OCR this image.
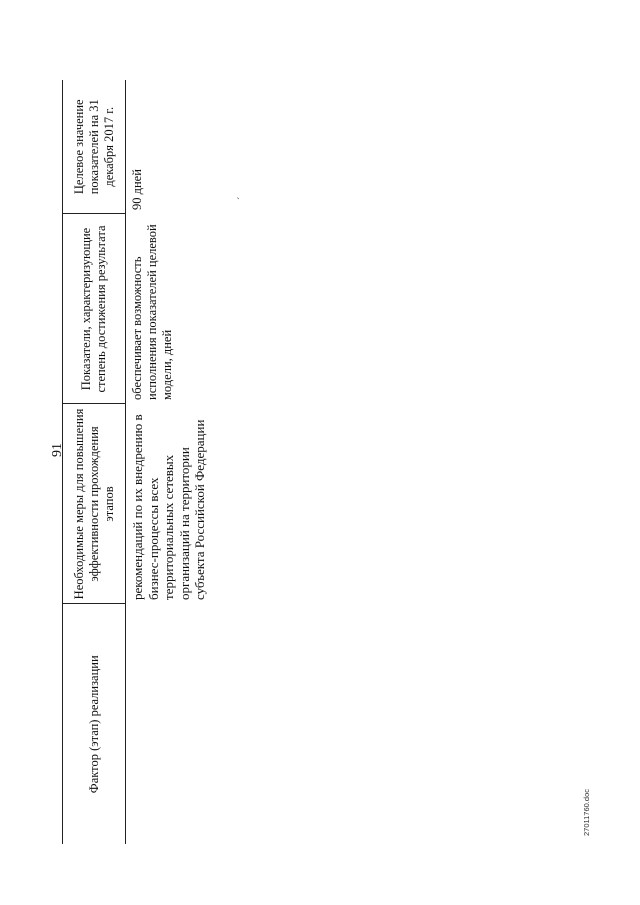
91
Фактор (этап) реализации	Необходимые меры для повышения эффективности прохождения этапов	Показатели, характеризующие степень достижения результата	Целевое значение показателей на 31 декабря 2017 г.
	рекомендаций по их внедрению в бизнес-процессы всех территориальных сетевых организаций на территории субъекта Российской Федерации	обеспечивает возможность исполнения показателей целевой модели, дней	90 дней	´
27011760.doc
